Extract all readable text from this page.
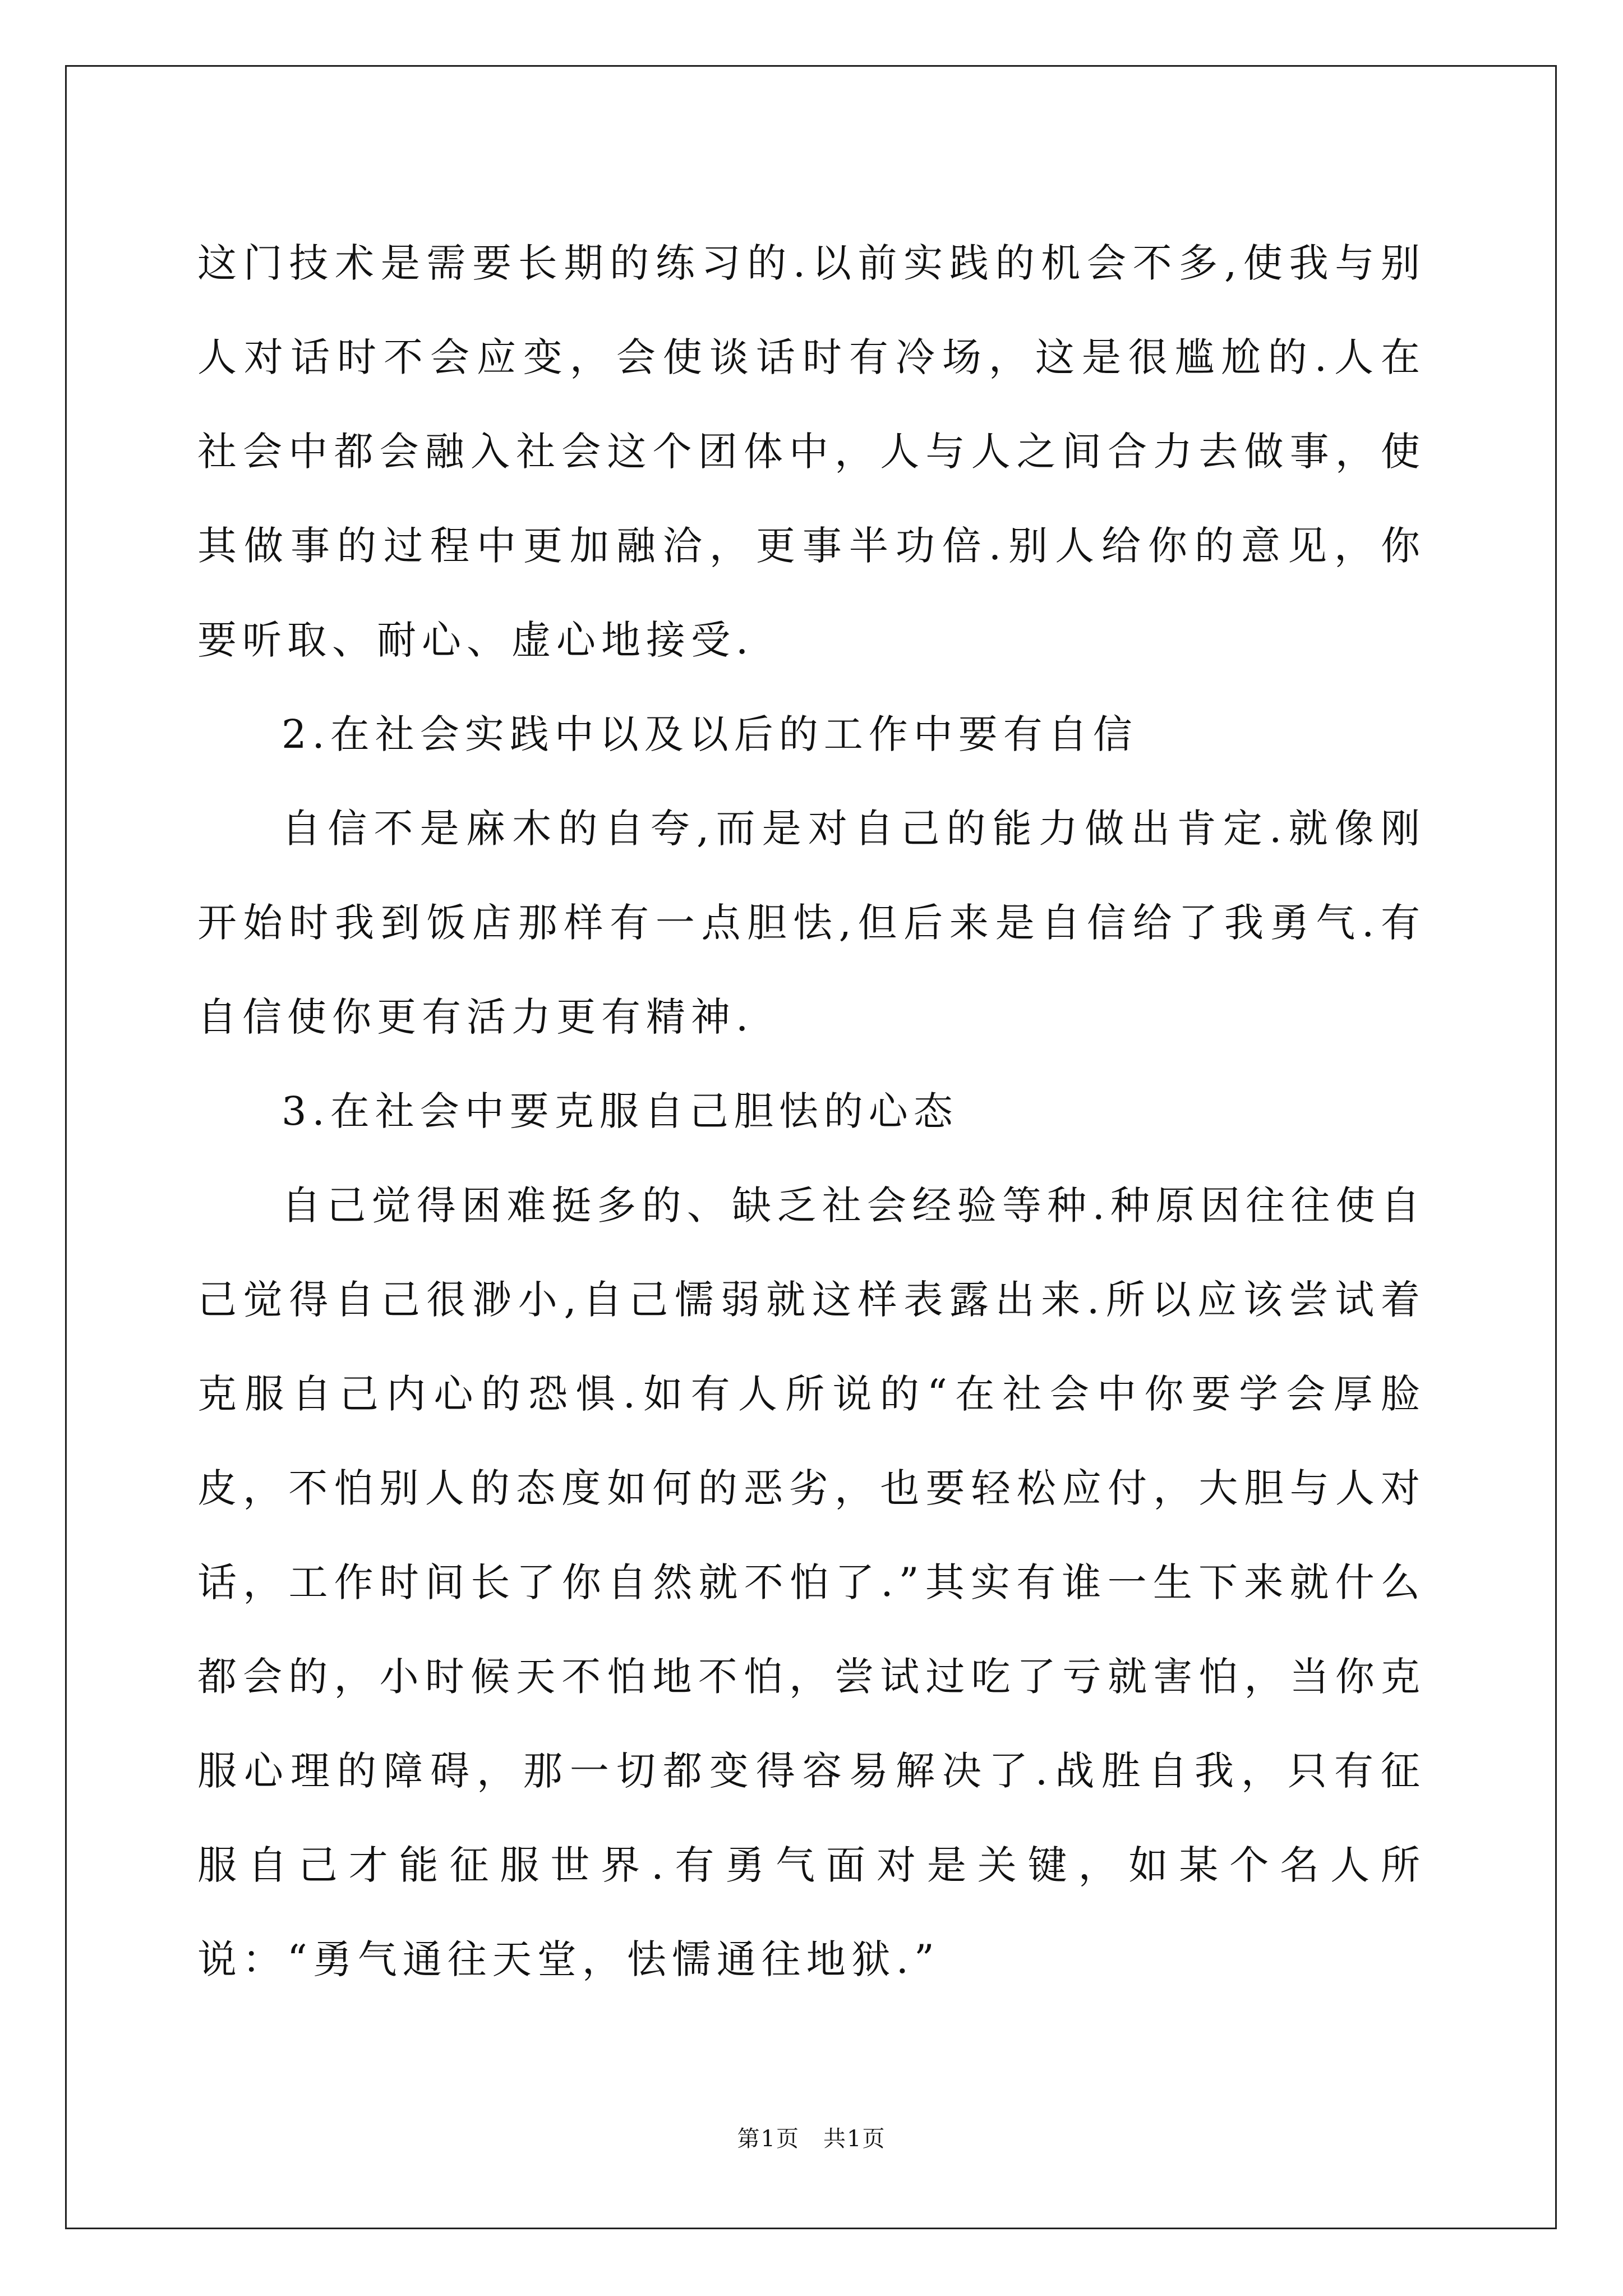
这门技术是需要长期的练习的.以前实践的机会不多,使我与别人对话时不会应变，会使谈话时有冷场，这是很尴尬的.人在社会中都会融入社会这个团体中，人与人之间合力去做事，使其做事的过程中更加融洽，更事半功倍.别人给你的意见，你要听取、耐心、虚心地接受.

2.在社会实践中以及以后的工作中要有自信

自信不是麻木的自夸,而是对自己的能力做出肯定.就像刚开始时我到饭店那样有一点胆怯,但后来是自信给了我勇气.有自信使你更有活力更有精神.

3.在社会中要克服自己胆怯的心态

自己觉得困难挺多的、缺乏社会经验等种.种原因往往使自己觉得自己很渺小,自己懦弱就这样表露出来.所以应该尝试着克服自己内心的恐惧.如有人所说的“在社会中你要学会厚脸皮，不怕别人的态度如何的恶劣，也要轻松应付，大胆与人对话，工作时间长了你自然就不怕了.”其实有谁一生下来就什么都会的，小时候天不怕地不怕，尝试过吃了亏就害怕，当你克服心理的障碍，那一切都变得容易解决了.战胜自我，只有征服自己才能征服世界.有勇气面对是关键，如某个名人所说：“勇气通往天堂，怯懦通往地狱.”

第1页　共1页
